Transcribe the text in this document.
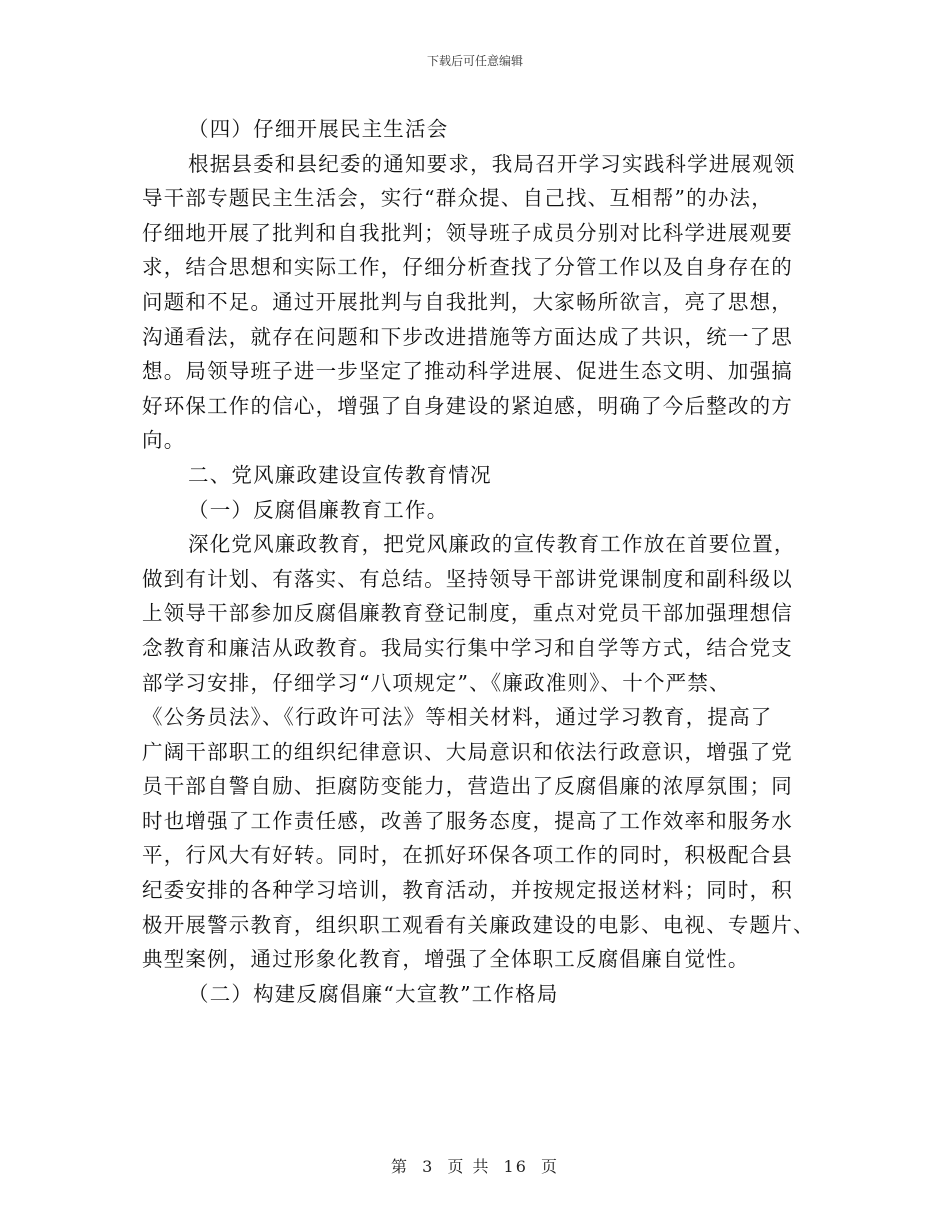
下载后可任意编辑
（四）仔细开展民主生活会
根据县委和县纪委的通知要求，我局召开学习实践科学进展观领
导干部专题民主生活会，实行“群众提、自己找、互相帮”的办法，
仔细地开展了批判和自我批判；领导班子成员分别对比科学进展观要
求，结合思想和实际工作，仔细分析查找了分管工作以及自身存在的
问题和不足。通过开展批判与自我批判，大家畅所欲言，亮了思想，
沟通看法，就存在问题和下步改进措施等方面达成了共识，统一了思
想。局领导班子进一步坚定了推动科学进展、促进生态文明、加强搞
好环保工作的信心，增强了自身建设的紧迫感，明确了今后整改的方
向。
二、党风廉政建设宣传教育情况
（一）反腐倡廉教育工作。
深化党风廉政教育，把党风廉政的宣传教育工作放在首要位置，
做到有计划、有落实、有总结。坚持领导干部讲党课制度和副科级以
上领导干部参加反腐倡廉教育登记制度，重点对党员干部加强理想信
念教育和廉洁从政教育。我局实行集中学习和自学等方式，结合党支
部学习安排，仔细学习“八项规定”、《廉政准则》、十个严禁、
《公务员法》、《行政许可法》等相关材料，通过学习教育，提高了
广阔干部职工的组织纪律意识、大局意识和依法行政意识，增强了党
员干部自警自励、拒腐防变能力，营造出了反腐倡廉的浓厚氛围；同
时也增强了工作责任感，改善了服务态度，提高了工作效率和服务水
平，行风大有好转。同时，在抓好环保各项工作的同时，积极配合县
纪委安排的各种学习培训，教育活动，并按规定报送材料；同时，积
极开展警示教育，组织职工观看有关廉政建设的电影、电视、专题片、
典型案例，通过形象化教育，增强了全体职工反腐倡廉自觉性。
（二）构建反腐倡廉“大宣教”工作格局
第 3 页 共 16 页
